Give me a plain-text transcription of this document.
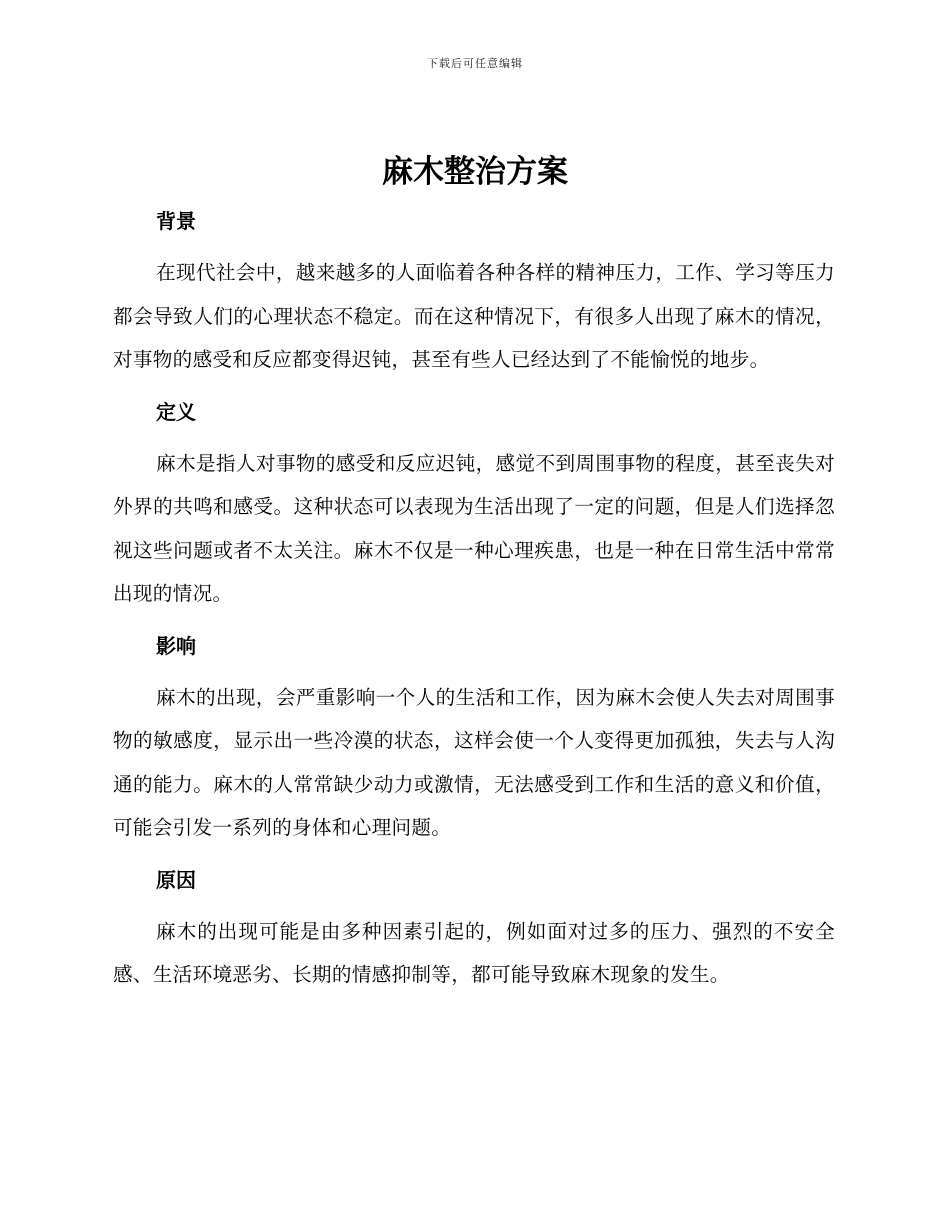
下载后可任意编辑
麻木整治方案
背景

在现代社会中，越来越多的人面临着各种各样的精神压力，工作、学习等压力都会导致人们的心理状态不稳定。而在这种情况下，有很多人出现了麻木的情况，对事物的感受和反应都变得迟钝，甚至有些人已经达到了不能愉悦的地步。

定义

麻木是指人对事物的感受和反应迟钝，感觉不到周围事物的程度，甚至丧失对外界的共鸣和感受。这种状态可以表现为生活出现了一定的问题，但是人们选择忽视这些问题或者不太关注。麻木不仅是一种心理疾患，也是一种在日常生活中常常出现的情况。

影响

麻木的出现，会严重影响一个人的生活和工作，因为麻木会使人失去对周围事物的敏感度，显示出一些冷漠的状态，这样会使一个人变得更加孤独，失去与人沟通的能力。麻木的人常常缺少动力或激情，无法感受到工作和生活的意义和价值，可能会引发一系列的身体和心理问题。

原因

麻木的出现可能是由多种因素引起的，例如面对过多的压力、强烈的不安全感、生活环境恶劣、长期的情感抑制等，都可能导致麻木现象的发生。
